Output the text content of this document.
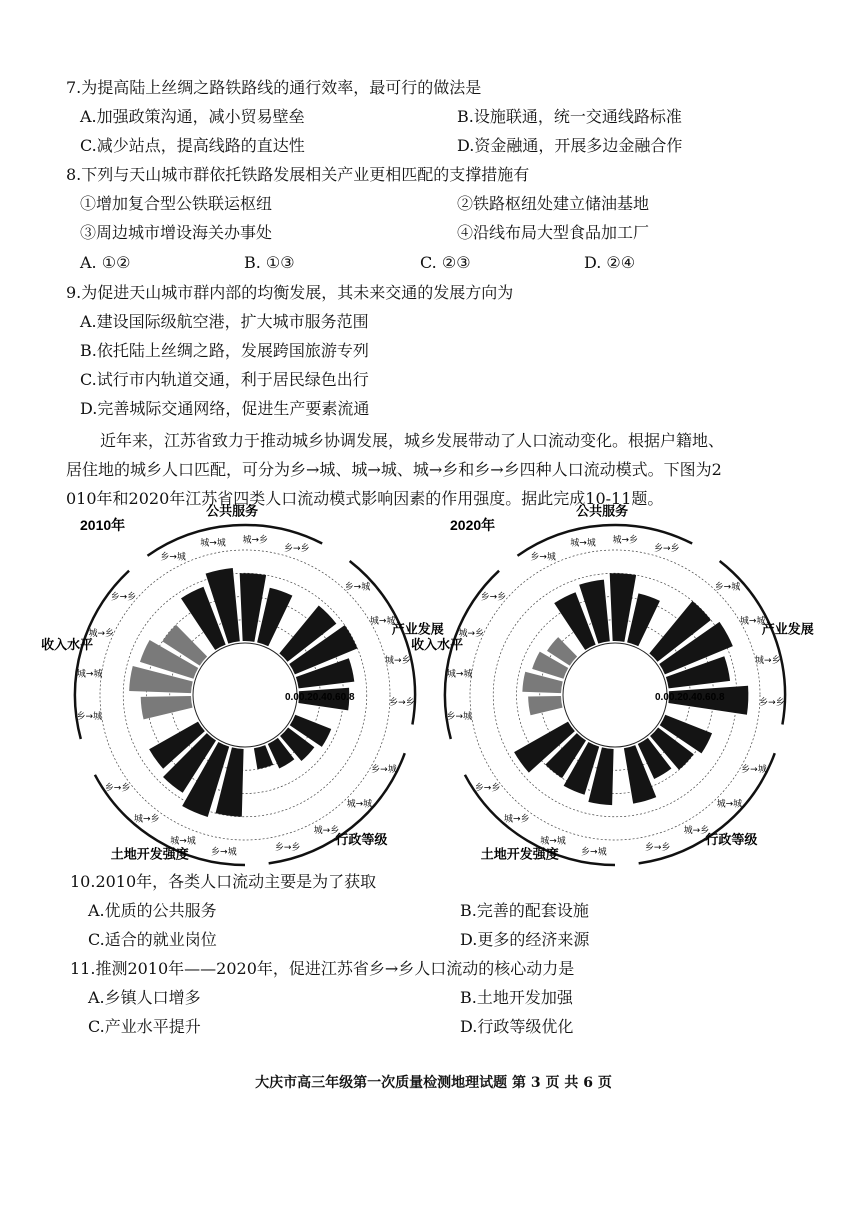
7.为提高陆上丝绸之路铁路线的通行效率，最可行的做法是
A.加强政策沟通，减小贸易壁垒	B.设施联通，统一交通线路标准
C.减少站点，提高线路的直达性	D.资金融通，开展多边金融合作
8.下列与天山城市群依托铁路发展相关产业更相匹配的支撑措施有
①增加复合型公铁联运枢纽	②铁路枢纽处建立储油基地
③周边城市增设海关办事处	④沿线布局大型食品加工厂
A. ①②	B. ①③	C. ②③	D. ②④
9.为促进天山城市群内部的均衡发展，其未来交通的发展方向为
A.建设国际级航空港，扩大城市服务范围
B.依托陆上丝绸之路，发展跨国旅游专列
C.试行市内轨道交通，利于居民绿色出行
D.完善城际交通网络，促进生产要素流通
近年来，江苏省致力于推动城乡协调发展，城乡发展带动了人口流动变化。根据户籍地、
居住地的城乡人口匹配，可分为乡→城、城→城、城→乡和乡→乡四种人口流动模式。下图为2
010年和2020年江苏省四类人口流动模式影响因素的作用强度。据此完成10-11题。
2010年
乡→城
城→城 城→乡
乡→乡
公共服务
乡→城
城→城
城→乡
乡→乡
产业发展
乡→城
城→城
城→乡
乡→乡
行政等级
乡→城
城→城
城→乡
乡→乡
土地开发强度
乡→城
城→城
城→乡
乡→乡
收入水平
0.00.20.40.60.8
2020年
乡→城
城→城 城→乡
乡→乡
公共服务
乡→城
城→城
城→乡
乡→乡
产业发展
乡→城
城→城
城→乡
乡→乡
行政等级
乡→城
城→城
城→乡
乡→乡
土地开发强度
乡→城
城→城
城→乡
乡→乡
收入水平
0.00.20.40.60.8
10.2010年，各类人口流动主要是为了获取
A.优质的公共服务	B.完善的配套设施
C.适合的就业岗位	D.更多的经济来源
11.推测2010年——2020年，促进江苏省乡→乡人口流动的核心动力是
A.乡镇人口增多	B.土地开发加强
C.产业水平提升	D.行政等级优化
大庆市高三年级第一次质量检测地理试题 第 3 页 共 6 页
